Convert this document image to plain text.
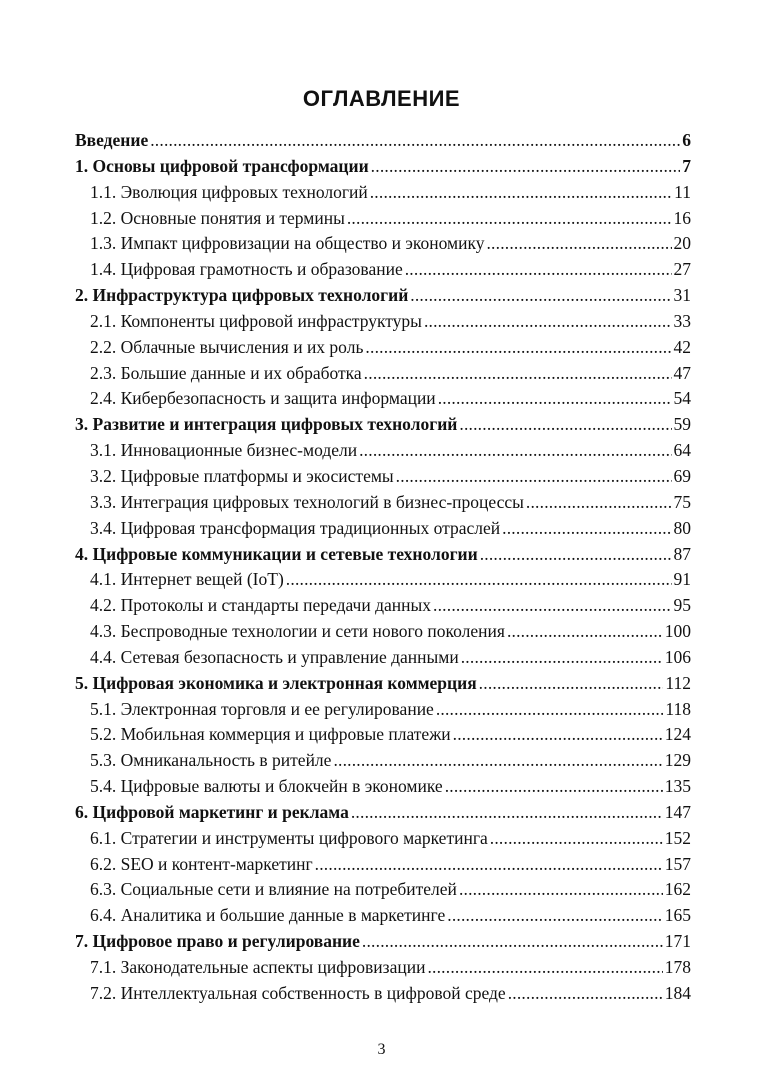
ОГЛАВЛЕНИЕ
Введение .....	6
1. Основы цифровой трансформации .....	7
1.1. Эволюция цифровых технологий .....	11
1.2. Основные понятия и термины .....	16
1.3. Импакт цифровизации на общество и экономику .....	20
1.4. Цифровая грамотность и образование .....	27
2. Инфраструктура цифровых технологий .....	31
2.1. Компоненты цифровой инфраструктуры .....	33
2.2. Облачные вычисления и их роль .....	42
2.3. Большие данные и их обработка .....	47
2.4. Кибербезопасность и защита информации .....	54
3. Развитие и интеграция цифровых технологий .....	59
3.1. Инновационные бизнес-модели .....	64
3.2. Цифровые платформы и экосистемы .....	69
3.3. Интеграция цифровых технологий в бизнес-процессы .....	75
3.4. Цифровая трансформация традиционных отраслей .....	80
4. Цифровые коммуникации и сетевые технологии .....	87
4.1. Интернет вещей (IoT) .....	91
4.2. Протоколы и стандарты передачи данных .....	95
4.3. Беспроводные технологии и сети нового поколения .....	100
4.4. Сетевая безопасность и управление данными .....	106
5. Цифровая экономика и электронная коммерция .....	112
5.1. Электронная торговля и ее регулирование .....	118
5.2. Мобильная коммерция и цифровые платежи .....	124
5.3. Омниканальность в ритейле .....	129
5.4. Цифровые валюты и блокчейн в экономике .....	135
6. Цифровой маркетинг и реклама .....	147
6.1. Стратегии и инструменты цифрового маркетинга .....	152
6.2. SEO и контент-маркетинг .....	157
6.3. Социальные сети и влияние на потребителей .....	162
6.4. Аналитика и большие данные в маркетинге .....	165
7. Цифровое право и регулирование .....	171
7.1. Законодательные аспекты цифровизации .....	178
7.2. Интеллектуальная собственность в цифровой среде .....	184
3
